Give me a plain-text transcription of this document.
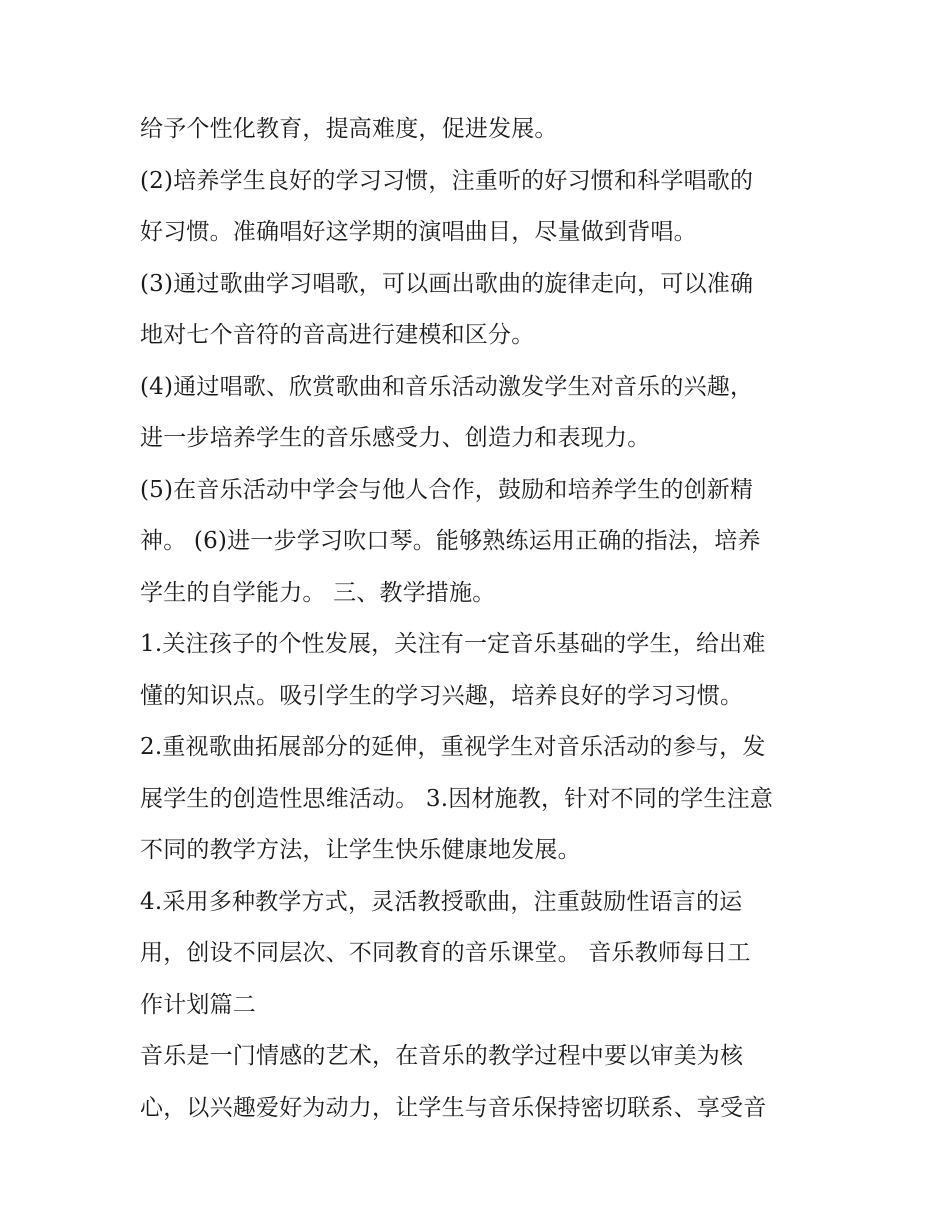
给予个性化教育，提高难度，促进发展。
(2)培养学生良好的学习习惯，注重听的好习惯和科学唱歌的
好习惯。准确唱好这学期的演唱曲目，尽量做到背唱。
(3)通过歌曲学习唱歌，可以画出歌曲的旋律走向，可以准确
地对七个音符的音高进行建模和区分。
(4)通过唱歌、欣赏歌曲和音乐活动激发学生对音乐的兴趣，
进一步培养学生的音乐感受力、创造力和表现力。
(5)在音乐活动中学会与他人合作，鼓励和培养学生的创新精
神。 (6)进一步学习吹口琴。能够熟练运用正确的指法，培养
学生的自学能力。 三、教学措施。
1.关注孩子的个性发展，关注有一定音乐基础的学生，给出难
懂的知识点。吸引学生的学习兴趣，培养良好的学习习惯。
2.重视歌曲拓展部分的延伸，重视学生对音乐活动的参与，发
展学生的创造性思维活动。 3.因材施教，针对不同的学生注意
不同的教学方法，让学生快乐健康地发展。
4.采用多种教学方式，灵活教授歌曲，注重鼓励性语言的运
用，创设不同层次、不同教育的音乐课堂。 音乐教师每日工
作计划篇二
音乐是一门情感的艺术，在音乐的教学过程中要以审美为核
心，以兴趣爱好为动力，让学生与音乐保持密切联系、享受音
